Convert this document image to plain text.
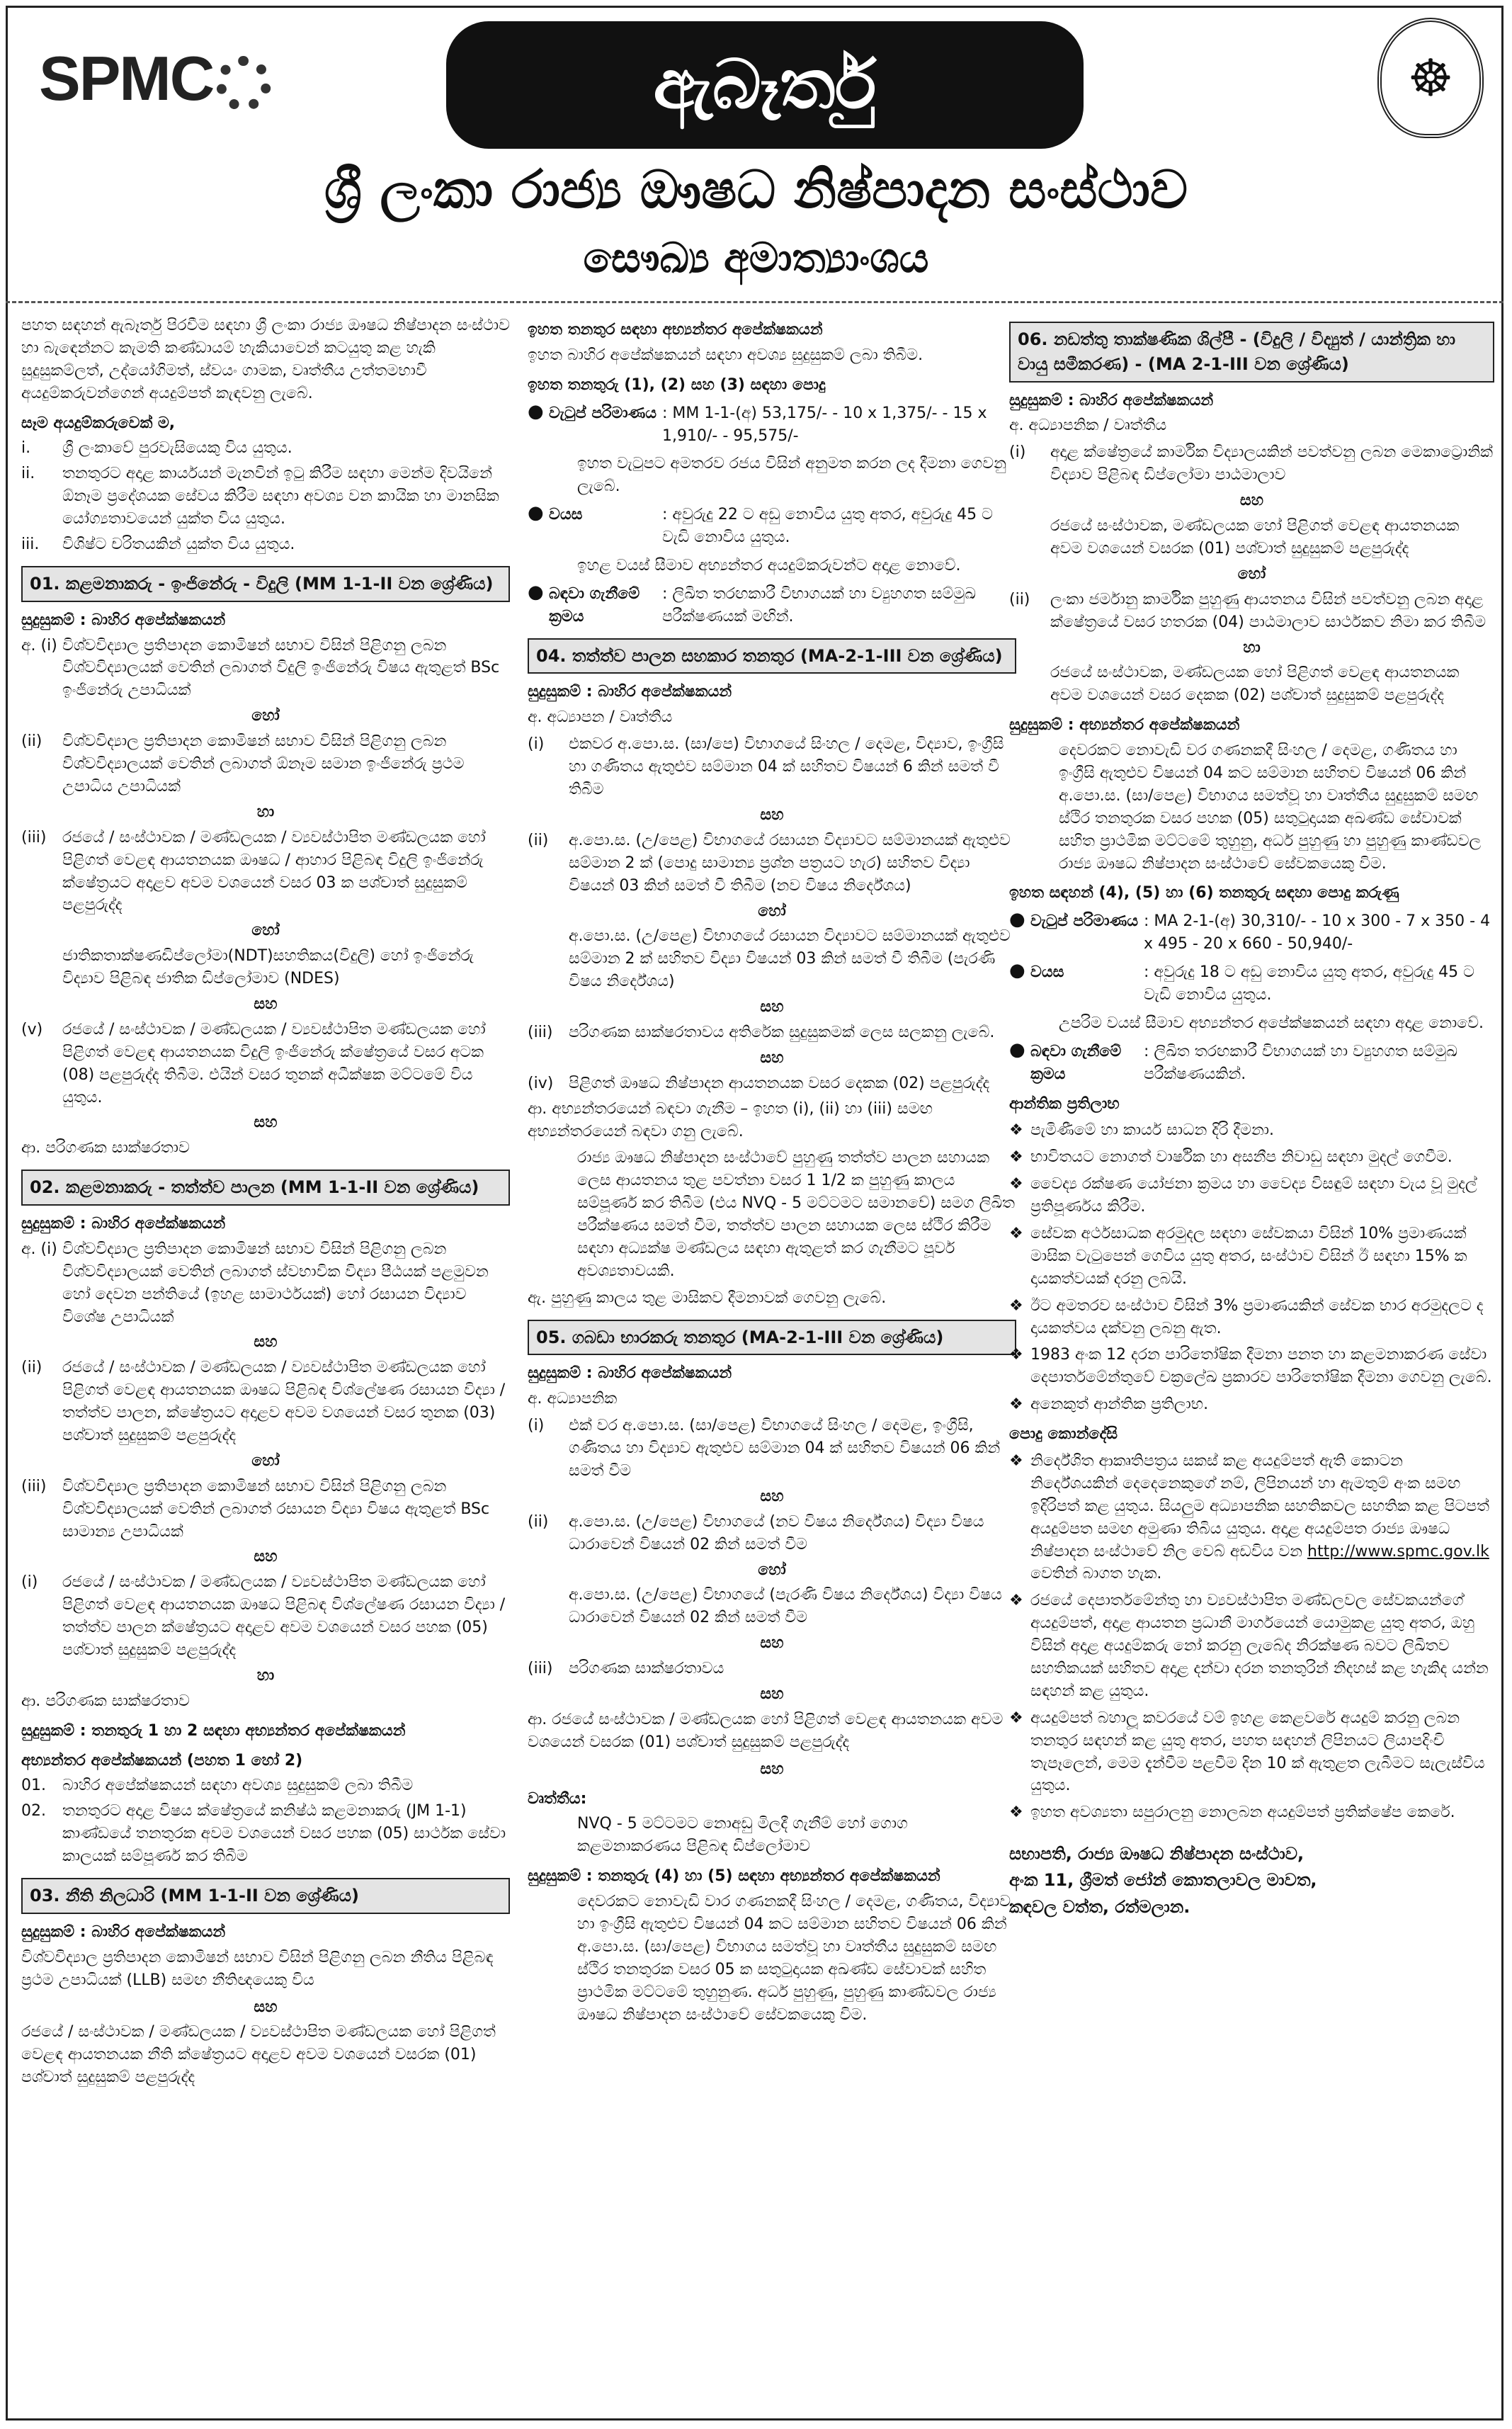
SPMC	ඇබෑර්තු	☸
ශ්‍රී ලංකා රාජ්‍ය ඖෂධ නිෂ්පාදන සංස්ථාව
සෞඛ්‍ය අමාත්‍යාංශය

පහත සඳහන් ඇබෑර්තු පිරවීම සඳහා ශ්‍රී ලංකා රාජ්‍ය ඖෂධ නිෂ්පාදන සංස්ථාව හා බැඳෙන්නට කැමති කණ්ඩායම් හැකියාවෙන් කටයුතු කළ හැකි සුදුසුකම්ලත්, උද්යෝගිමත්, ස්වයං ගාමක, වෘත්තීය උත්තමභාවී අයදුම්කරුවන්ගෙන් අයදුම්පත් කැඳවනු ලැබේ.

සෑම අයදුම්කරුවෙක් ම,
i.	ශ්‍රී ලංකාවේ පුරවැසියෙකු විය යුතුය.
ii.	තනතුරට අදාළ කාර්යයන් මැනවින් ඉටු කිරීම සඳහා මෙන්ම දිවයිනේ ඕනෑම ප්‍රදේශයක සේවය කිරීම සඳහා අවශ්‍ය වන කායික හා මානසික යෝග්‍යතාවයෙන් යුක්ත විය යුතුය.
iii.	විශිෂ්ට චරිතයකින් යුක්ත විය යුතුය.
01. කළමනාකරු - ඉංජිනේරු - විදුලි (MM 1-1-II වන ශ්‍රේණිය)
සුදුසුකම් : බාහිර අපේක්ෂකයන්
අ. (i) විශ්වවිද්‍යාල ප්‍රතිපාදන කොමිෂන් සභාව විසින් පිළිගනු ලබන විශ්වවිද්‍යාලයක් වෙතින් ලබාගත් විදුලි ඉංජිනේරු විෂය ඇතුළත් BSc ඉංජිනේරු උපාධියක්
හෝ
(ii)	විශ්වවිද්‍යාල ප්‍රතිපාදන කොමිෂන් සභාව විසින් පිළිගනු ලබන විශ්වවිද්‍යාලයක් වෙතින් ලබාගත් ඕනෑම සමාන ඉංජිනේරු ප්‍රථම උපාධිය උපාධියක්
හා
(iii)	රජයේ / සංස්ථාවක / මණ්ඩලයක / ව්‍යවස්ථාපිත මණ්ඩලයක හෝ පිළිගත් වෙළඳ ආයතනයක ඖෂධ / ආහාර පිළිබඳ විදුලි ඉංජිනේරු ක්ෂේත්‍රයට අදාළව අවම වශයෙන් වසර 03 ක පශ්චාත් සුදුසුකම් පළපුරුද්ද
හෝ
ජාතිකතාක්ෂණඩිප්ලෝමා(NDT)සහතිකය(විදුලි) හෝ ඉංජිනේරු විද්‍යාව පිළිබඳ ජාතික ඩිප්ලෝමාව (NDES)
සහ
(v)	රජයේ / සංස්ථාවක / මණ්ඩලයක / ව්‍යවස්ථාපිත මණ්ඩලයක හෝ පිළිගත් වෙළඳ ආයතනයක විදුලි ඉංජිනේරු ක්ෂේත්‍රයේ වසර අටක (08) පළපුරුද්ද තිබීම. එයින් වසර තුනක් අධීක්ෂක මට්ටමේ විය යුතුය.
සහ

ආ. පරිගණක සාක්ෂරතාව

02. කළමනාකරු - තත්ත්ව පාලන (MM 1-1-II වන ශ්‍රේණිය)
සුදුසුකම් : බාහිර අපේක්ෂකයන්
අ. (i) විශ්වවිද්‍යාල ප්‍රතිපාදන කොමිෂන් සභාව විසින් පිළිගනු ලබන විශ්වවිද්‍යාලයක් වෙතින් ලබාගත් ස්වභාවික විද්‍යා පීඨයක් පළමුවන හෝ දෙවන පන්තියේ (ඉහළ සාමාර්ථයක්) හෝ රසායන විද්‍යාව විශේෂ උපාධියක්
සහ
(ii)	රජයේ / සංස්ථාවක / මණ්ඩලයක / ව්‍යවස්ථාපිත මණ්ඩලයක හෝ පිළිගත් වෙළඳ ආයතනයක ඖෂධ පිළිබඳ විශ්ලේෂණ රසායන විද්‍යා / තත්ත්ව පාලන, ක්ෂේත්‍රයට අදාළව අවම වශයෙන් වසර තුනක (03) පශ්චාත් සුදුසුකම් පළපුරුද්ද
හෝ
(iii)	විශ්වවිද්‍යාල ප්‍රතිපාදන කොමිෂන් සභාව විසින් පිළිගනු ලබන විශ්වවිද්‍යාලයක් වෙතින් ලබාගත් රසායන විද්‍යා විෂය ඇතුළත් BSc සාමාන්‍ය උපාධියක්
සහ
(i)	රජයේ / සංස්ථාවක / මණ්ඩලයක / ව්‍යවස්ථාපිත මණ්ඩලයක හෝ පිළිගත් වෙළඳ ආයතනයක ඖෂධ පිළිබඳ විශ්ලේෂණ රසායන විද්‍යා / තත්ත්ව පාලන ක්ෂේත්‍රයට අදාළව අවම වශයෙන් වසර පහක (05) පශ්චාත් සුදුසුකම් පළපුරුද්ද
හා

ආ. පරිගණක සාක්ෂරතාව

සුදුසුකම් : තනතුරු 1 හා 2 සඳහා අභ්‍යන්තර අපේක්ෂකයන්
අභ්‍යන්තර අපේක්ෂකයන් (පහත 1 හෝ 2)
01.	බාහිර අපේක්ෂකයන් සඳහා අවශ්‍ය සුදුසුකම් ලබා තිබීම
02.	තනතුරට අදාළ විෂය ක්ෂේත්‍රයේ කනිෂ්ඨ කළමනාකරු (JM 1-1) කාණ්ඩයේ තනතුරක අවම වශයෙන් වසර පහක (05) සාර්ථක සේවා කාලයක් සම්පූර්ණ කර තිබීම
03. නීති නිලධාරි (MM 1-1-II වන ශ්‍රේණිය)
සුදුසුකම් : බාහිර අපේක්ෂකයන්

විශ්වවිද්‍යාල ප්‍රතිපාදන කොමිෂන් සභාව විසින් පිළිගනු ලබන නීතිය පිළිබඳ ප්‍රථම උපාධියක් (LLB) සමඟ නීතිඥයෙකු විය

සහ

රජයේ / සංස්ථාවක / මණ්ඩලයක / ව්‍යවස්ථාපිත මණ්ඩලයක හෝ පිළිගත් වෙළඳ ආයතනයක නීති ක්ෂේත්‍රයට අදාළව අවම වශයෙන් වසරක (01) පශ්චාත් සුදුසුකම් පළපුරුද්ද

ඉහත තනතුර සඳහා අභ්‍යන්තර අපේක්ෂකයන්

ඉහත බාහිර අපේක්ෂකයන් සඳහා අවශ්‍ය සුදුසුකම් ලබා තිබීම.

ඉහත තනතුරු (1), (2) සහ (3) සඳහා පොදු
● වැටුප් පරිමාණය : MM 1-1-(අ) 53,175/- - 10 x 1,375/- - 15 x 1,910/- - 95,575/-

ඉහත වැටුපට අමතරව රජය විසින් අනුමත කරන ලද දීමනා ගෙවනු ලැබේ.

● වයස	: අවුරුදු 22 ට අඩු නොවිය යුතු අතර, අවුරුදු 45 ට වැඩි නොවිය යුතුය.

ඉහළ වයස් සීමාව අභ්‍යන්තර අයදුම්කරුවන්ට අදාළ නොවේ.

● බඳවා ගැනීමේ ක්‍රමය
: ලිඛිත තරඟකාරී විභාගයක් හා ව්‍යුහගත සම්මුඛ පරීක්ෂණයක් මඟින්.
04. තත්ත්ව පාලන සහකාර තනතුර (MA-2-1-III වන ශ්‍රේණිය)
සුදුසුකම් : බාහිර අපේක්ෂකයන්

අ. අධ්‍යාපන / වෘත්තීය

(i)	එකවර අ.පො.ස. (සා/පෙ) විභාගයේ සිංහල / දෙමළ, විද්‍යාව, ඉංග්‍රීසි හා ගණිතය ඇතුළුව සම්මාන 04 ක් සහිතව විෂයන් 6 කින් සමත් වී තිබීම
සහ
(ii)	අ.පො.ස. (උ/පෙළ) විභාගයේ රසායන විද්‍යාවට සම්මානයක් ඇතුළුව සම්මාන 2 ක් (පොදු සාමාන්‍ය ප්‍රශ්න පත්‍රයට හැර) සහිතව විද්‍යා විෂයන් 03 කින් සමත් වී තිබීම (නව විෂය නිර්දේශය)
හෝ
අ.පො.ස. (උ/පෙළ) විභාගයේ රසායන විද්‍යාවට සම්මානයක් ඇතුළුව සම්මාන 2 ක් සහිතව විද්‍යා විෂයන් 03 කින් සමත් වී තිබීම (පැරණි විෂය නිර්දේශය)
සහ
(iii)	පරිගණක සාක්ෂරතාවය අතිරේක සුදුසුකමක් ලෙස සලකනු ලැබේ.
සහ
(iv) පිළිගත් ඖෂධ නිෂ්පාදන ආයතනයක වසර දෙකක (02) පළපුරුද්ද

ආ. අභ්‍යන්තරයෙන් බඳවා ගැනීම – ඉහත (i), (ii) හා (iii) සමඟ අභ්‍යන්තරයෙන් බඳවා ගනු ලැබේ.

රාජ්‍ය ඖෂධ නිෂ්පාදන සංස්ථාවේ පුහුණු තත්ත්ව පාලන සහායක ලෙස ආයතනය තුළ පවත්නා වසර 1 1/2 ක පුහුණු කාලය සම්පූර්ණ කර තිබීම (එය NVQ - 5 මට්ටමට සමානවේ) සමග ලිඛිත පරීක්ෂණය සමත් වීම, තත්ත්ව පාලන සහායක ලෙස ස්ථිර කිරීම සඳහා අධ්‍යක්ෂ මණ්ඩලය සඳහා ඇතුළත් කර ගැනීමට පූර්ව අවශ්‍යතාවයකි.

ඇ. පුහුණු කාලය තුළ මාසිකව දීමනාවක් ගෙවනු ලැබේ.

05. ගබඩා භාරකරු තනතුර (MA-2-1-III වන ශ්‍රේණිය)
සුදුසුකම් : බාහිර අපේක්ෂකයන්

අ. අධ්‍යාපනික

(i)	එක් වර අ.පො.ස. (සා/පෙළ) විභාගයේ සිංහල / දෙමළ, ඉංග්‍රීසි, ගණිතය හා විද්‍යාව ඇතුළුව සම්මාන 04 ක් සහිතව විෂයන් 06 කින් සමත් වීම
සහ
(ii)	අ.පො.ස. (උ/පෙළ) විභාගයේ (නව විෂය නිර්දේශය) විද්‍යා විෂය ධාරාවෙන් විෂයන් 02 කින් සමත් වීම
හෝ
අ.පො.ස. (උ/පෙළ) විභාගයේ (පැරණි විෂය නිර්දේශය) විද්‍යා විෂය ධාරාවෙන් විෂයන් 02 කින් සමත් වීම
සහ
(iii)	පරිගණක සාක්ෂරතාවය
සහ

ආ. රජයේ සංස්ථාවක / මණ්ඩලයක හෝ පිළිගත් වෙළඳ ආයතනයක අවම වශයෙන් වසරක (01) පශ්චාත් සුදුසුකම් පළපුරුද්ද

සහ
වෘත්තීය:

NVQ - 5 මට්ටමට නොඅඩු මිලදී ගැනීම් හෝ ගොග කළමනාකරණය පිළිබඳ ඩිප්ලෝමාව

සුදුසුකම් : තනතුරු (4) හා (5) සඳහා අභ්‍යන්තර අපේක්ෂකයන්

දෙවරකට නොවැඩි වාර ගණනකදී සිංහල / දෙමළ, ගණිතය, විද්‍යාව හා ඉංග්‍රීසි ඇතුළුව විෂයන් 04 කට සම්මාන සහිතව විෂයන් 06 කින් අ.පො.ස. (සා/පෙළ) විභාගය සමත්වූ හා වෘත්තීය සුදුසුකම් සමඟ ස්ථිර තනතුරක වසර 05 ක සතුටුදායක අඛණ්ඩ සේවාවක් සහිත ප්‍රාථමික මට්ටමේ තුහුනුණ. අර්ධ පුහුණු, පුහුණු කාණ්ඩවල රාජ්‍ය ඖෂධ නිෂ්පාදන සංස්ථාවේ සේවකයෙකු විම.

06. නඩත්තු තාක්ෂණික ශිල්පී - (විදුලි / විද්‍යුත් / යාන්ත්‍රික හා වායු සමීකරණ) - (MA 2-1-III වන ශ්‍රේණිය)
සුදුසුකම් : බාහිර අපේක්ෂකයන්

අ. අධ්‍යාපනික / වෘත්තීය

(i)	අදාළ ක්ෂේත්‍රයේ කාර්මික විද්‍යාලයකින් පවත්වනු ලබන මෙකාට්‍රොනික් විද්‍යාව පිළිබඳ ඩිප්ලෝමා පාඨමාලාව
සහ
රජයේ සංස්ථාවක, මණ්ඩලයක හෝ පිළිගත් වෙළඳ ආයතනයක අවම වශයෙන් වසරක (01) පශ්චාත් සුදුසුකම් පළපුරුද්ද
හෝ
(ii)	ලංකා ජර්මානු කාර්මික පුහුණු ආයතනය විසින් පවත්වනු ලබන අදාළ ක්ෂේත්‍රයේ වසර හතරක (04) පාඨමාලාව සාර්ථකව නිමා කර තිබීම
හා
රජයේ සංස්ථාවක, මණ්ඩලයක හෝ පිළිගත් වෙළඳ ආයතනයක අවම වශයෙන් වසර දෙකක (02) පශ්චාත් සුදුසුකම් පළපුරුද්ද
සුදුසුකම් : අභ්‍යන්තර අපේක්ෂකයන්

දෙවරකට නොවැඩි වර ගණනකදී සිංහල / දෙමළ, ගණිතය හා ඉංග්‍රීසි ඇතුළුව විෂයන් 04 කට සම්මාන සහිතව විෂයන් 06 කින් අ.පො.ස. (සා/පෙළ) විභාගය සමත්වූ හා වෘත්තීය සුදුසුකම් සමඟ ස්ථිර තනතුරක වසර පහක (05) සතුටුදායක අඛණ්ඩ සේවාවක් සහිත ප්‍රාථමික මට්ටමේ තුහුනු, අර්ධ පුහුණු හා පුහුණු කාණ්ඩවල රාජ්‍ය ඖෂධ නිෂ්පාදන සංස්ථාවේ සේවකයෙකු විම.

ඉහත සඳහන් (4), (5) හා (6) තනතුරු සඳහා පොදු කරුණු
● වැටුප් පරිමාණය : MA 2-1-(අ) 30,310/- - 10 x 300 - 7 x 350 - 4 x 495 - 20 x 660 - 50,940/-
● වයස	: අවුරුදු 18 ට අඩු නොවිය යුතු අතර, අවුරුදු 45 ට වැඩි නොවිය යුතුය.

උපරිම වයස් සීමාව අභ්‍යන්තර අපේක්ෂකයන් සඳහා අදාළ නොවේ.

● බඳවා ගැනීමේ ක්‍රමය
: ලිඛිත තරඟකාරී විභාගයක් හා ව්‍යුහගත සම්මුඛ පරීක්ෂණයකින්.
ආන්තික ප්‍රතිලාභ
❖ පැමිණීමේ හා කාර්ය සාධන දිරි දීමනා.
❖ භාවිතයට නොගත් වාර්ෂික හා අසනීප නිවාඩු සඳහා මුදල් ගෙවීම.
❖ වෛද්‍ය රක්ෂණ යෝජනා ක්‍රමය හා වෛද්‍ය විසඳුම් සඳහා වැය වූ මුදල් ප්‍රතිපූර්ණය කිරීම.
❖ සේවක අර්ථසාධක අරමුදල සඳහා සේවකයා විසින් 10% ප්‍රමාණයක් මාසික වැටුපෙන් ගෙවිය යුතු අතර, සංස්ථාව විසින් ඊ සඳහා 15% ක දායකත්වයක් දරනු ලබයි.
❖ ඊට අමතරව සංස්ථාව විසින් 3% ප්‍රමාණයකින් සේවක භාර අරමුදලට ද දායකත්වය දක්වනු ලබනු ඇත.
❖ 1983 අංක 12 දරන පාරිතෝෂික දීමනා පනත හා කළමනාකරණ සේවා දෙපාර්තමේන්තුවේ චක්‍රලේඛ ප්‍රකාරව පාරිතෝෂික දීමනා ගෙවනු ලැබේ.
❖ අනෙකුත් ආන්තික ප්‍රතිලාභ.
පොදු කොන්දේසි
❖ නිර්දේශිත ආකෘතිපත්‍රය සකස් කළ අයදුම්පත් ඇති කොටන නිර්දේශයකින් දෙදෙනෙකුගේ නම්, ලිපිනයන් හා ඇමතුම් අංක සමඟ ඉදිරිපත් කළ යුතුය. සියලුම අධ්‍යාපනික සහතිකවල සහතික කළ පිටපත් අයදුම්පත සමඟ අමුණා තිබිය යුතුය. අදාළ අයදුම්පත රාජ්‍ය ඖෂධ නිෂ්පාදන සංස්ථාවේ නිල වෙබ් අඩවිය වන http://www.spmc.gov.lk වෙතින් බාගත හැක.
❖ රජයේ දෙපාර්තමේන්තු හා ව්‍යවස්ථාපිත මණ්ඩලවල සේවකයන්ගේ අයදුම්පත්, අදාළ ආයතන ප්‍රධානී මාර්ගයෙන් යොමුකළ යුතු අතර, ඔහු විසින් අදාළ අයදුම්කරු නෝ කරනු ලැබේද නිරක්ෂණ බවට ලිඛිතව සහතිකයක් සහිතව අදාළ දන්වා දරන තනතුරින් නිදහස් කළ හැකිද යන්න සඳහන් කළ යුතුය.
❖ අයදුම්පත් බහාලූ කවරයේ වම් ඉහළ කෙළවරේ අයදුම් කරනු ලබන තනතුර සඳහන් කළ යුතු අතර, පහත සඳහන් ලිපිනයට ලියාපදිංචි තැපෑලෙන්, මෙම දැන්වීම පළවීම දින 10 ක් ඇතුළත ලැබීමට සැලැස්විය යුතුය.
❖ ඉහත අවශ්‍යතා සපුරාලනු නොලබන අයදුම්පත් ප්‍රතික්ෂේප කෙරේ.
සභාපති, රාජ්‍ය ඖෂධ නිෂ්පාදන සංස්ථාව,
අංක 11, ශ්‍රීමත් ජෝන් කොතලාවල මාවත,
කඳවල වත්ත, රත්මලාන.
